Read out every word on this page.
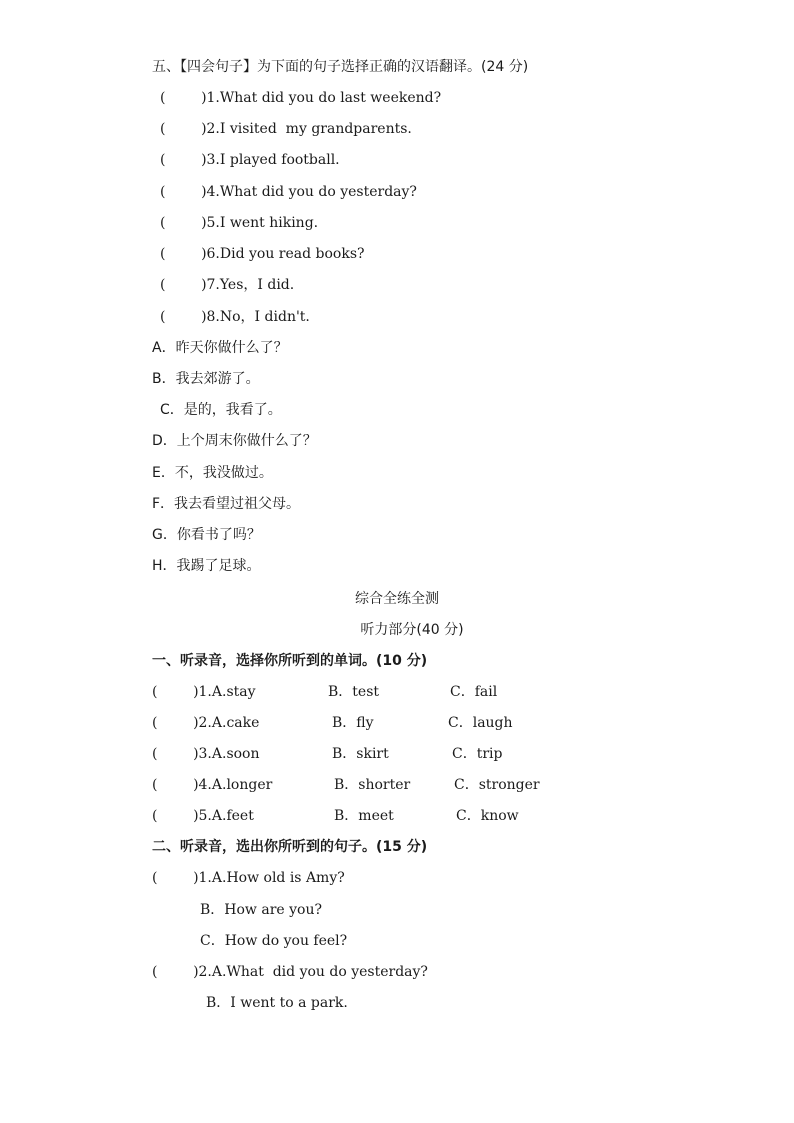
五、【四会句子】为下面的句子选择正确的汉语翻译。(24 分)
(        )1.What did you do last weekend?
(        )2.I visited  my grandparents.
(        )3.I played football.
(        )4.What did you do yesterday?
(        )5.I went hiking.
(        )6.Did you read books?
(        )7.Yes，I did.
(        )8.No，I didn't.
A．昨天你做什么了？
B．我去郊游了。
C．是的，我看了。
D．上个周末你做什么了？
E．不，我没做过。
F．我去看望过祖父母。
G．你看书了吗？
H．我踢了足球。
综合全练全测
听力部分(40 分)
一、听录音，选择你所听到的单词。(10 分)
(        )1.A.stay	B．test	C．fail
(        )2.A.cake	B．fly	C．laugh
(        )3.A.soon	B．skirt	C．trip
(        )4.A.longer	B．shorter	C．stronger
(        )5.A.feet	B．meet	C．know
二、听录音，选出你所听到的句子。(15 分)
(        )1.A.How old is Amy?
B．How are you?
C．How do you feel?
(        )2.A.What  did you do yesterday?
B．I went to a park.
